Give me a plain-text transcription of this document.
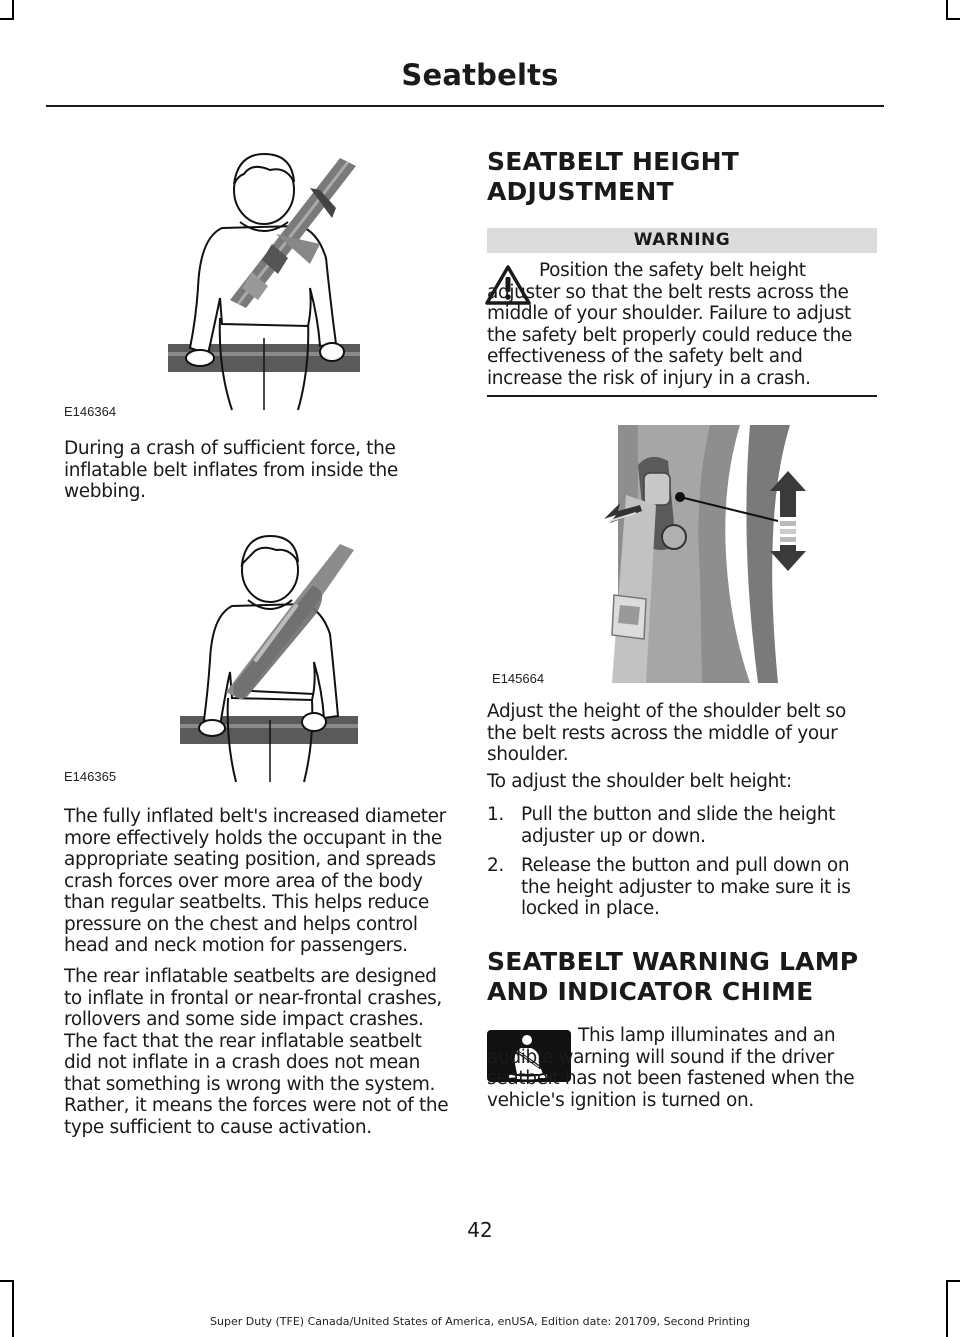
Seatbelts
E146364

During a crash of sufficient force, the inflatable belt inflates from inside the webbing.

E146365

The fully inflated belt's increased diameter more effectively holds the occupant in the appropriate seating position, and spreads crash forces over more area of the body than regular seatbelts. This helps reduce pressure on the chest and helps control head and neck motion for passengers.

The rear inflatable seatbelts are designed to inflate in frontal or near-frontal crashes, rollovers and some side impact crashes. The fact that the rear inflatable seatbelt did not inflate in a crash does not mean that something is wrong with the system. Rather, it means the forces were not of the type sufficient to cause activation.

SEATBELT HEIGHT
ADJUSTMENT
WARNING

Position the safety belt height adjuster so that the belt rests across the middle of your shoulder. Failure to adjust the safety belt properly could reduce the effectiveness of the safety belt and increase the risk of injury in a crash.

E145664

Adjust the height of the shoulder belt so the belt rests across the middle of your shoulder.

To adjust the shoulder belt height:

1. Pull the button and slide the height adjuster up or down.
2. Release the button and pull down on the height adjuster to make sure it is locked in place.
SEATBELT WARNING LAMP
AND INDICATOR CHIME

This lamp illuminates and an audible warning will sound if the driver seatbelt has not been fastened when the vehicle's ignition is turned on.

42
Super Duty (TFE) Canada/United States of America, enUSA, Edition date: 201709, Second Printing
